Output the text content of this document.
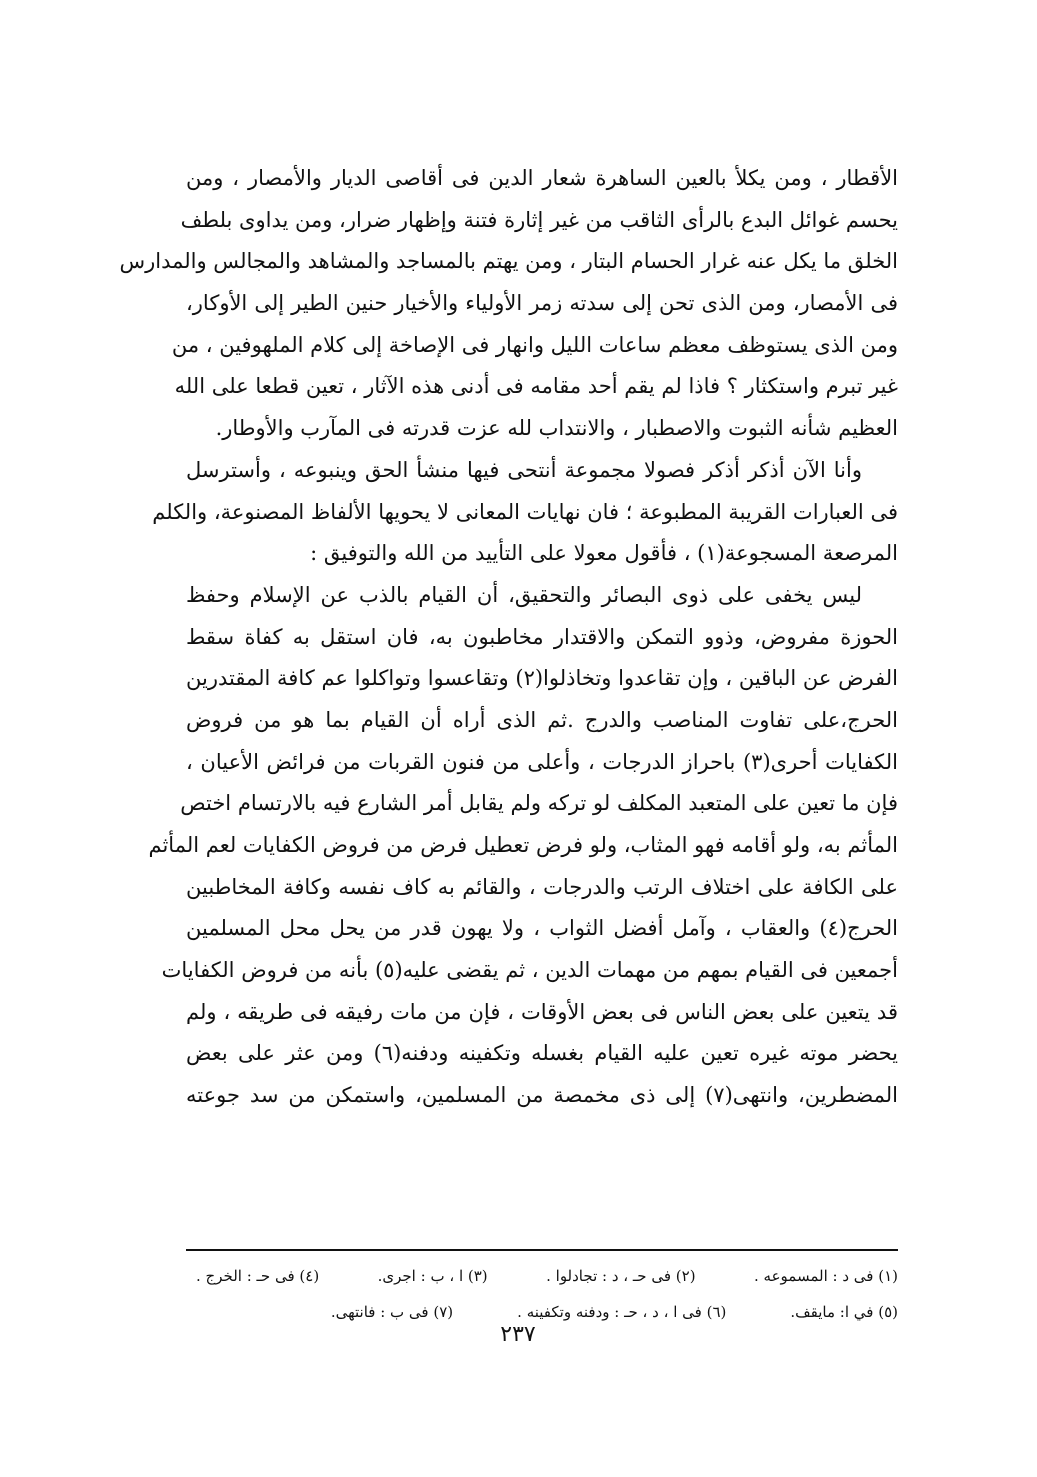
الأقطار ، ومن يكلأ بالعين الساهرة شعار الدين فى أقاصى الديار والأمصار ، ومن
يحسم غوائل البدع بالرأى الثاقب من غير إثارة فتنة وإظهار ضرار، ومن يداوى بلطف
الخلق ما يكل عنه غرار الحسام البتار ، ومن يهتم بالمساجد والمشاهد والمجالس والمدارس
فى الأمصار، ومن الذى تحن إلى سدته زمر الأولياء والأخيار حنين الطير إلى الأوكار،
ومن الذى يستوظف معظم ساعات الليل وانهار فى الإصاخة إلى كلام الملهوفين ، من
غير تبرم واستكثار ؟ فاذا لم يقم أحد مقامه فى أدنى هذه الآثار ، تعين قطعا على الله
العظيم شأنه الثبوت والاصطبار ، والانتداب لله عزت قدرته فى المآرب والأوطار.
وأنا الآن أذكر أذكر فصولا مجموعة أنتحى فيها منشأ الحق وينبوعه ، وأسترسل
فى العبارات القريبة المطبوعة ؛ فان نهايات المعانى لا يحويها الألفاظ المصنوعة، والكلم
المرصعة المسجوعة(١) ، فأقول معولا على التأييد من الله والتوفيق :
ليس يخفى على ذوى البصائر والتحقيق، أن القيام بالذب عن الإسلام وحفظ
الحوزة مفروض، وذوو التمكن والاقتدار مخاطبون به، فان استقل به كفاة سقط
الفرض عن الباقين ، وإن تقاعدوا وتخاذلوا(٢) وتقاعسوا وتواكلوا عم كافة المقتدرين
الحرج،على تفاوت المناصب والدرج .ثم الذى أراه أن القيام بما هو من فروض
الكفايات أحرى(٣) باحراز الدرجات ، وأعلى من فنون القربات من فرائض الأعيان ،
فإن ما تعين على المتعبد المكلف لو تركه ولم يقابل أمر الشارع فيه بالارتسام اختص
المأثم به، ولو أقامه فهو المثاب، ولو فرض تعطيل فرض من فروض الكفايات لعم المأثم
على الكافة على اختلاف الرتب والدرجات ، والقائم به كاف نفسه وكافة المخاطبين
الحرج(٤) والعقاب ، وآمل أفضل الثواب ، ولا يهون قدر من يحل محل المسلمين
أجمعين فى القيام بمهم من مهمات الدين ، ثم يقضى عليه(٥) بأنه من فروض الكفايات
قد يتعين على بعض الناس فى بعض الأوقات ، فإن من مات رفيقه فى طريقه ، ولم
يحضر موته غيره تعين عليه القيام بغسله وتكفينه ودفنه(٦) ومن عثر على بعض
المضطرين، وانتهى(٧) إلى ذى مخمصة من المسلمين، واستمكن من سد جوعته
(١) فى د : المسموعه .
(٢) فى حـ ، د : تجادلوا .
(٣) ا ، ب : اجرى.
(٤) فى حـ : الخرج .
(٥) في ا: مايقف.
(٦) فى ا ، د ، حـ : ودفنه وتكفينه .
(٧) فى ب : فانتهى.
٢٣٧
